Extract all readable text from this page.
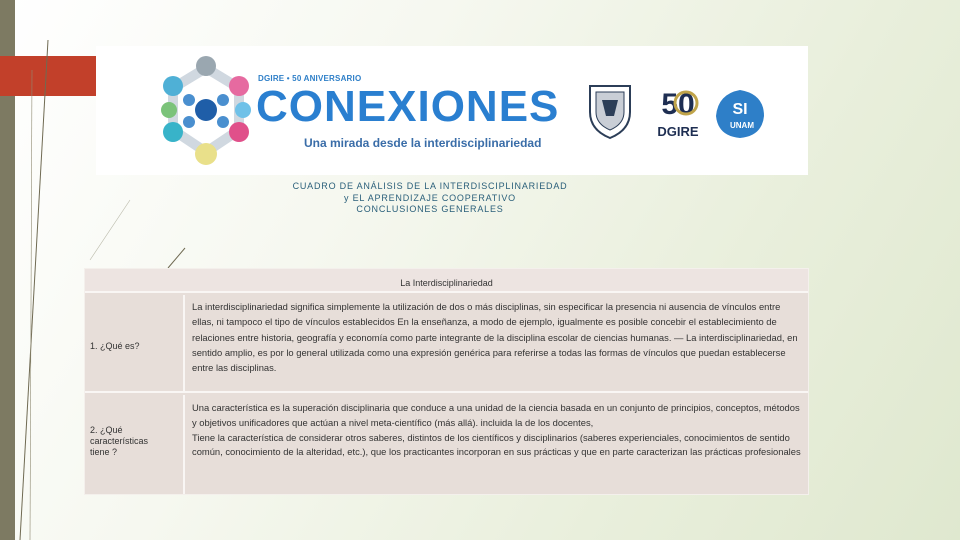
DGIRE • 50 ANIVERSARIO
CONEXIONES
Una mirada desde la interdisciplinariedad
50
DGIRE
SI
UNAM
CUADRO DE ANÁLISIS DE LA INTERDISCIPLINARIEDAD
y EL APRENDIZAJE COOPERATIVO
CONCLUSIONES GENERALES
La Interdisciplinariedad
1. ¿Qué es?

La interdisciplinariedad significa simplemente la utilización de dos o más disciplinas, sin especificar la presencia ni ausencia de vínculos entre ellas, ni tampoco el tipo de vínculos establecidos En la enseñanza, a modo de ejemplo, igualmente es posible concebir el establecimiento de relaciones entre historia, geografía y economía como parte integrante de la disciplina escolar de ciencias humanas. — La interdisciplinariedad, en sentido amplio, es por lo general utilizada como una expresión genérica para referirse a todas las formas de vínculos que puedan establecerse entre las disciplinas.

2. ¿Qué características tiene ?

Una característica es la superación disciplinaria que conduce a una unidad de la ciencia basada en un conjunto de principios, conceptos, métodos y objetivos unificadores que actúan a nivel meta-científico (más allá). incluida la de los docentes,

Tiene la característica de considerar otros saberes, distintos de los científicos y disciplinarios (saberes experienciales, conocimientos de sentido común, conocimiento de la alteridad, etc.), que los practicantes incorporan en sus prácticas y que en parte caracterizan las prácticas profesionales
